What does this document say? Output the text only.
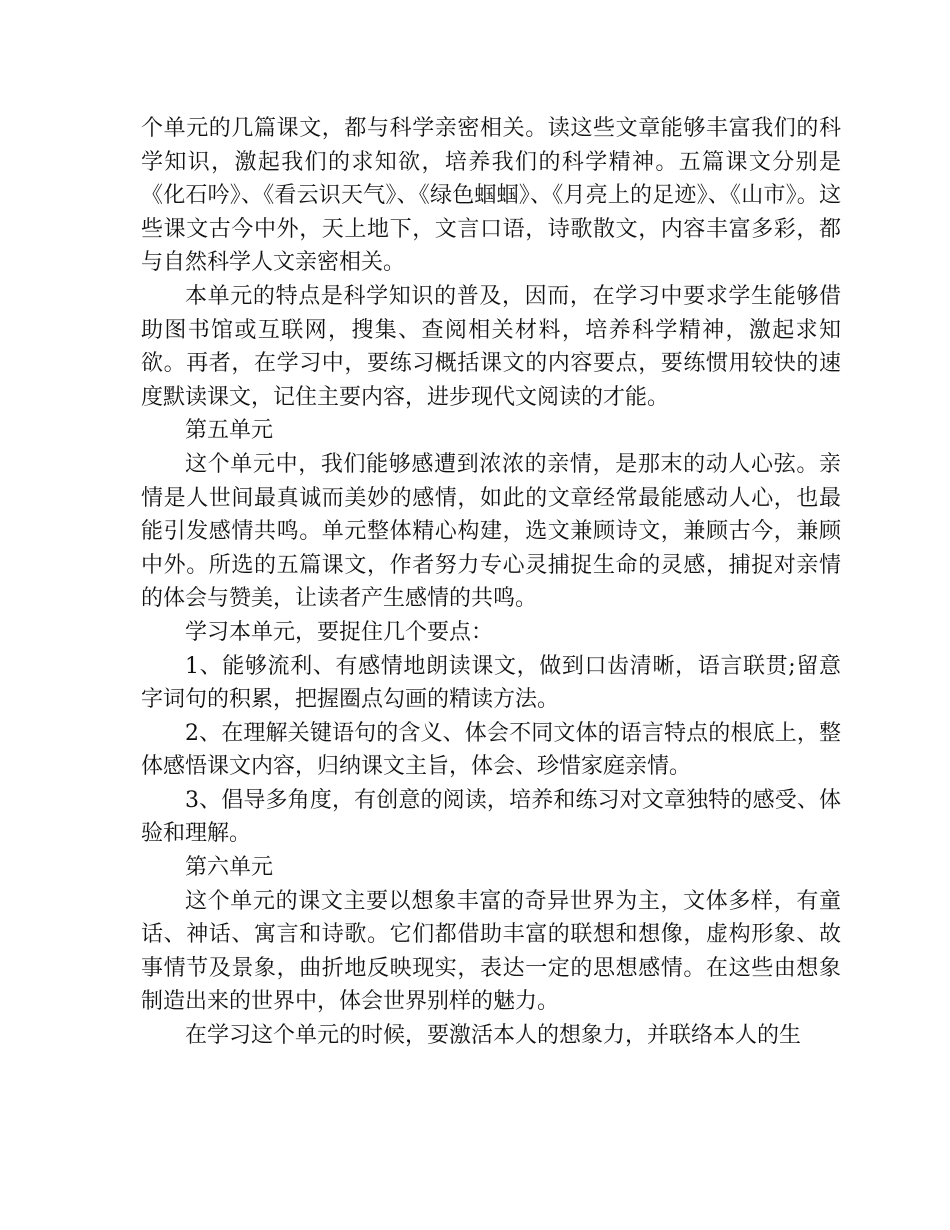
个单元的几篇课文，都与科学亲密相关。读这些文章能够丰富我们的科学知识，激起我们的求知欲，培养我们的科学精神。五篇课文分别是《化石吟》、《看云识天气》、《绿色蝈蝈》、《月亮上的足迹》、《山市》。这些课文古今中外，天上地下，文言口语，诗歌散文，内容丰富多彩，都与自然科学人文亲密相关。

本单元的特点是科学知识的普及，因而，在学习中要求学生能够借助图书馆或互联网，搜集、查阅相关材料，培养科学精神，激起求知欲。再者，在学习中，要练习概括课文的内容要点，要练惯用较快的速度默读课文，记住主要内容，进步现代文阅读的才能。

第五单元

这个单元中，我们能够感遭到浓浓的亲情，是那末的动人心弦。亲情是人世间最真诚而美妙的感情，如此的文章经常最能感动人心，也最能引发感情共鸣。单元整体精心构建，选文兼顾诗文，兼顾古今，兼顾中外。所选的五篇课文，作者努力专心灵捕捉生命的灵感，捕捉对亲情的体会与赞美，让读者产生感情的共鸣。

学习本单元，要捉住几个要点：

1、能够流利、有感情地朗读课文，做到口齿清晰，语言联贯;留意字词句的积累，把握圈点勾画的精读方法。

2、在理解关键语句的含义、体会不同文体的语言特点的根底上，整体感悟课文内容，归纳课文主旨，体会、珍惜家庭亲情。

3、倡导多角度，有创意的阅读，培养和练习对文章独特的感受、体验和理解。

第六单元

这个单元的课文主要以想象丰富的奇异世界为主，文体多样，有童话、神话、寓言和诗歌。它们都借助丰富的联想和想像，虚构形象、故事情节及景象，曲折地反映现实，表达一定的思想感情。在这些由想象制造出来的世界中，体会世界别样的魅力。

在学习这个单元的时候，要激活本人的想象力，并联络本人的生
